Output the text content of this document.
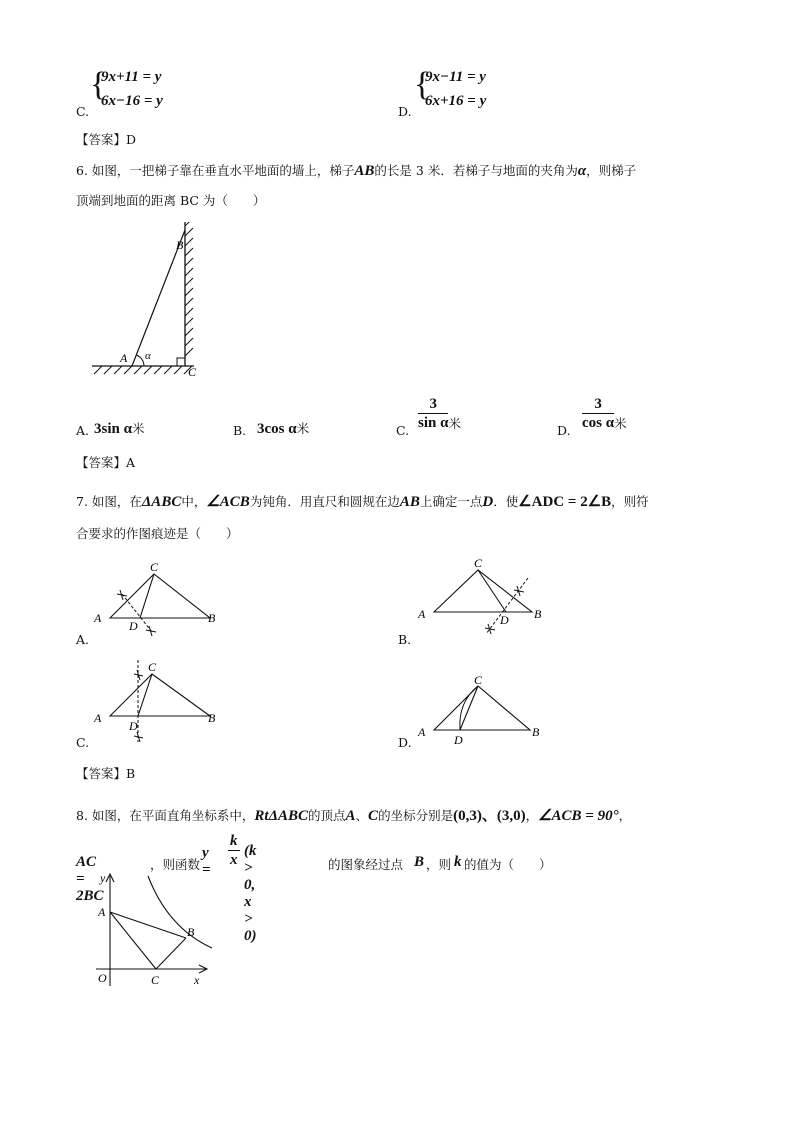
C.
{
9x+11 = y
6x−16 = y
D.
{
9x−11 = y
6x+16 = y
【答案】D
6. 如图，一把梯子靠在垂直水平地面的墙上，梯子AB的长是 3 米．若梯子与地面的夹角为α，则梯子
顶端到地面的距离 BC 为（　　）
B
A
C
α
A. 3sin α米	B. 3cos α米	C. $\frac{3}{\text{sin α}} _米$	D. $\frac{3}{\text{cos α}} _米$
【答案】A
7. 如图，在ΔABC中，∠ACB为钝角．用直尺和圆规在边AB上确定一点D．使∠ADC = 2∠B，则符
合要求的作图痕迹是（　　）
C
A	B
D
A.
C
A	B
D
B.
C
A	B
D
C.
C
A	B
D
D.
【答案】B
8. 如图，在平面直角坐标系中，RtΔABC的顶点A、C的坐标分别是(0,3)、(3,0)，∠ACB = 90°，
AC = 2BC
，则函数
y =
$\frac{k}{x} (k > 0$, x > 0)
的图象经过点 B ，则 k 的值为（　　）
y
x
O
A
B
C
